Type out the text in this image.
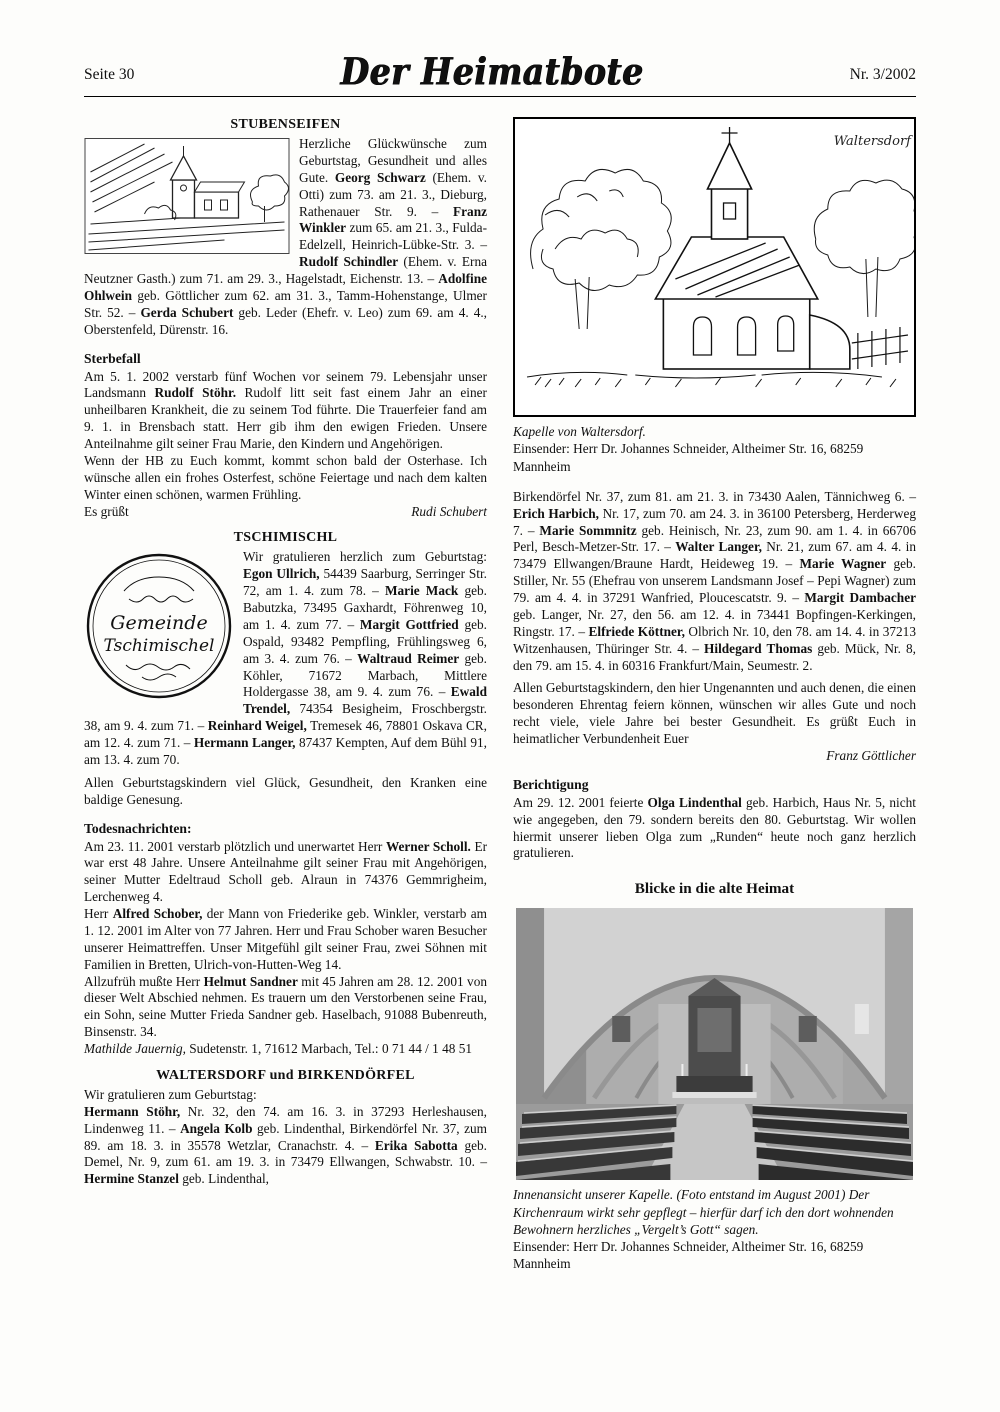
Seite 30	Der Heimatbote	Nr. 3/2002
STUBENSEIFEN

Herzliche Glückwünsche zum Geburtstag, Gesundheit und alles Gute. Georg Schwarz (Ehem. v. Otti) zum 73. am 21. 3., Dieburg, Rathenauer Str. 9. – Franz Winkler zum 65. am 21. 3., Fulda-Edelzell, Heinrich-Lübke-Str. 3. – Rudolf Schindler (Ehem. v. Erna Neutzner Gasth.) zum 71. am 29. 3., Hagelstadt, Eichenstr. 13. – Adolfine Ohlwein geb. Göttlicher zum 62. am 31. 3., Tamm-Hohenstange, Ulmer Str. 52. – Gerda Schubert geb. Leder (Ehefr. v. Leo) zum 69. am 4. 4., Oberstenfeld, Dürenstr. 16.

Sterbefall

Am 5. 1. 2002 verstarb fünf Wochen vor seinem 79. Lebensjahr unser Landsmann Rudolf Stöhr. Rudolf litt seit fast einem Jahr an einer unheilbaren Krankheit, die zu seinem Tod führte. Die Trauerfeier fand am 9. 1. in Brensbach statt. Herr gib ihm den ewigen Frieden. Unsere Anteilnahme gilt seiner Frau Marie, den Kindern und Angehörigen.

Wenn der HB zu Euch kommt, kommt schon bald der Osterhase. Ich wünsche allen ein frohes Osterfest, schöne Feiertage und nach dem kalten Winter einen schönen, warmen Frühling.

Es grüßt	Rudi Schubert
TSCHIMISCHL
Gemeinde
Tschimischel

Wir gratulieren herzlich zum Geburtstag: Egon Ullrich, 54439 Saarburg, Serringer Str. 72, am 1. 4. zum 78. – Marie Mack geb. Babutzka, 73495 Gaxhardt, Föhrenweg 10, am 1. 4. zum 77. – Margit Gottfried geb. Ospald, 93482 Pempfling, Frühlingsweg 6, am 3. 4. zum 76. – Waltraud Reimer geb. Köhler, 71672 Marbach, Mittlere Holdergasse 38, am 9. 4. zum 76. – Ewald Trendel, 74354 Besigheim, Froschbergstr. 38, am 9. 4. zum 71. – Reinhard Weigel, Tremesek 46, 78801 Oskava CR, am 12. 4. zum 71. – Hermann Langer, 87437 Kempten, Auf dem Bühl 91, am 13. 4. zum 70.

Allen Geburtstagskindern viel Glück, Gesundheit, den Kranken eine baldige Genesung.

Todesnachrichten:

Am 23. 11. 2001 verstarb plötzlich und unerwartet Herr Werner Scholl. Er war erst 48 Jahre. Unsere Anteilnahme gilt seiner Frau mit Angehörigen, seiner Mutter Edeltraud Scholl geb. Alraun in 74376 Gemmrigheim, Lerchenweg 4.

Herr Alfred Schober, der Mann von Friederike geb. Winkler, verstarb am 1. 12. 2001 im Alter von 77 Jahren. Herr und Frau Schober waren Besucher unserer Heimattreffen. Unser Mitgefühl gilt seiner Frau, zwei Söhnen mit Familien in Bretten, Ulrich-von-Hutten-Weg 14.

Allzufrüh mußte Herr Helmut Sandner mit 45 Jahren am 28. 12. 2001 von dieser Welt Abschied nehmen. Es trauern um den Verstorbenen seine Frau, ein Sohn, seine Mutter Frieda Sandner geb. Haselbach, 91088 Bubenreuth, Binsenstr. 34.

Mathilde Jauernig, Sudetenstr. 1, 71612 Marbach, Tel.: 0 71 44 / 1 48 51

WALTERSDORF und BIRKENDÖRFEL

Wir gratulieren zum Geburtstag:

Hermann Stöhr, Nr. 32, den 74. am 16. 3. in 37293 Herleshausen, Lindenweg 11. – Angela Kolb geb. Lindenthal, Birkendörfel Nr. 37, zum 89. am 18. 3. in 35578 Wetzlar, Cranachstr. 4. – Erika Sabotta geb. Demel, Nr. 9, zum 61. am 19. 3. in 73479 Ellwangen, Schwabstr. 10. – Hermine Stanzel geb. Lindenthal,

Waltersdorf
Kapelle von Waltersdorf.
Einsender: Herr Dr. Johannes Schneider, Altheimer Str. 16, 68259 Mannheim

Birkendörfel Nr. 37, zum 81. am 21. 3. in 73430 Aalen, Tännichweg 6. – Erich Harbich, Nr. 17, zum 70. am 24. 3. in 36100 Petersberg, Herderweg 7. – Marie Sommnitz geb. Heinisch, Nr. 23, zum 90. am 1. 4. in 66706 Perl, Besch-Metzer-Str. 17. – Walter Langer, Nr. 21, zum 67. am 4. 4. in 73479 Ellwangen/Braune Hardt, Heideweg 19. – Marie Wagner geb. Stiller, Nr. 55 (Ehefrau von unserem Landsmann Josef – Pepi Wagner) zum 79. am 4. 4. in 37291 Wanfried, Ploucescatstr. 9. – Margit Dambacher geb. Langer, Nr. 27, den 56. am 12. 4. in 73441 Bopfingen-Kerkingen, Ringstr. 17. – Elfriede Köttner, Olbrich Nr. 10, den 78. am 14. 4. in 37213 Witzenhausen, Thüringer Str. 4. – Hildegard Thomas geb. Mück, Nr. 8, den 79. am 15. 4. in 60316 Frankfurt/Main, Seumestr. 2.

Allen Geburtstagskindern, den hier Ungenannten und auch denen, die einen besonderen Ehrentag feiern können, wünschen wir alles Gute und noch recht viele, viele Jahre bei bester Gesundheit. Es grüßt Euch in heimatlicher Verbundenheit Euer

Franz Göttlicher
Berichtigung

Am 29. 12. 2001 feierte Olga Lindenthal geb. Harbich, Haus Nr. 5, nicht wie angegeben, den 79. sondern bereits den 80. Geburtstag. Wir wollen hiermit unserer lieben Olga zum „Runden“ heute noch ganz herzlich gratulieren.

Blicke in die alte Heimat
Innenansicht unserer Kapelle. (Foto entstand im August 2001) Der Kirchenraum wirkt sehr gepflegt – hierfür darf ich den dort wohnenden Bewohnern herzliches „Vergelt’s Gott“ sagen.
Einsender: Herr Dr. Johannes Schneider, Altheimer Str. 16, 68259 Mannheim
